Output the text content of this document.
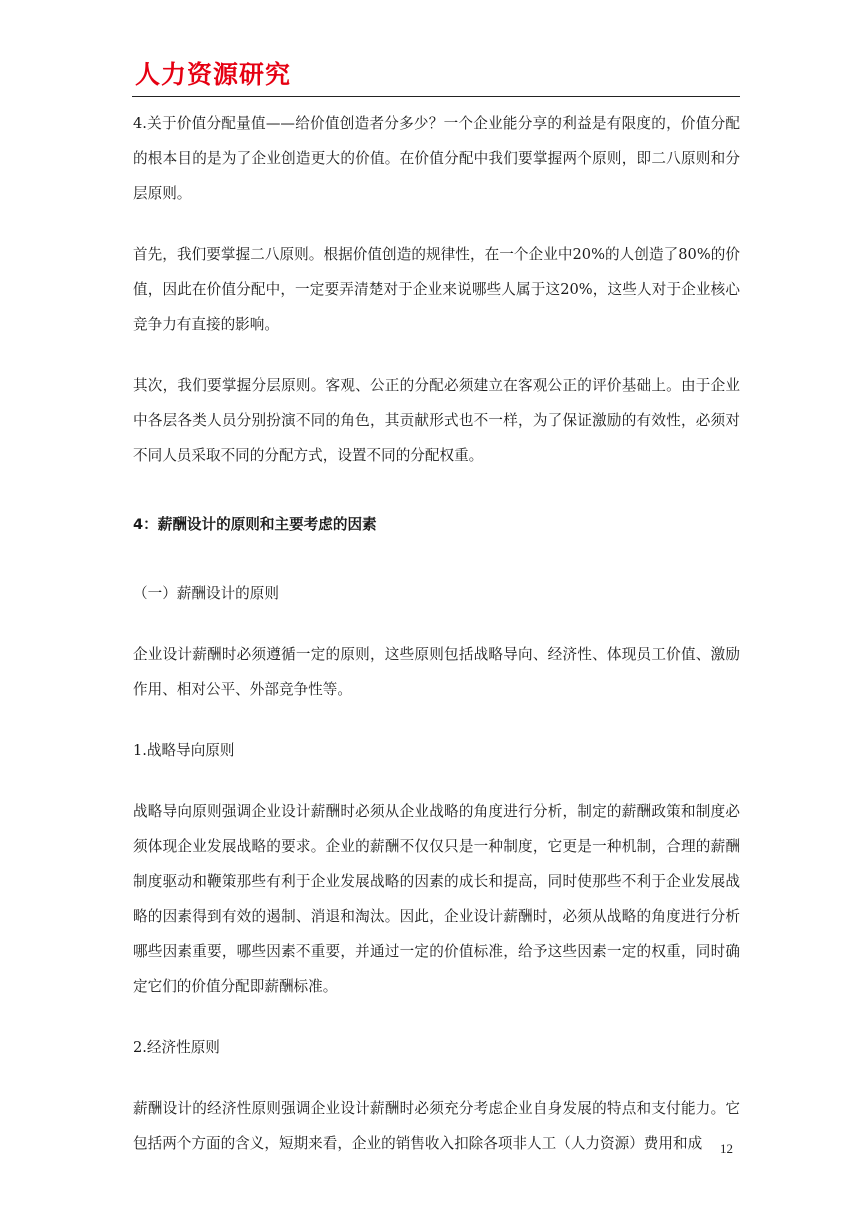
人力资源研究

4.关于价值分配量值——给价值创造者分多少？一个企业能分享的利益是有限度的，价值分配的根本目的是为了企业创造更大的价值。在价值分配中我们要掌握两个原则，即二八原则和分层原则。

首先，我们要掌握二八原则。根据价值创造的规律性，在一个企业中20%的人创造了80%的价值，因此在价值分配中，一定要弄清楚对于企业来说哪些人属于这20%，这些人对于企业核心竞争力有直接的影响。

其次，我们要掌握分层原则。客观、公正的分配必须建立在客观公正的评价基础上。由于企业中各层各类人员分别扮演不同的角色，其贡献形式也不一样，为了保证激励的有效性，必须对不同人员采取不同的分配方式，设置不同的分配权重。

4：薪酬设计的原则和主要考虑的因素

（一）薪酬设计的原则

企业设计薪酬时必须遵循一定的原则，这些原则包括战略导向、经济性、体现员工价值、激励作用、相对公平、外部竞争性等。

1.战略导向原则

战略导向原则强调企业设计薪酬时必须从企业战略的角度进行分析，制定的薪酬政策和制度必须体现企业发展战略的要求。企业的薪酬不仅仅只是一种制度，它更是一种机制，合理的薪酬制度驱动和鞭策那些有利于企业发展战略的因素的成长和提高，同时使那些不利于企业发展战略的因素得到有效的遏制、消退和淘汰。因此，企业设计薪酬时，必须从战略的角度进行分析哪些因素重要，哪些因素不重要，并通过一定的价值标准，给予这些因素一定的权重，同时确定它们的价值分配即薪酬标准。

2.经济性原则

薪酬设计的经济性原则强调企业设计薪酬时必须充分考虑企业自身发展的特点和支付能力。它包括两个方面的含义，短期来看，企业的销售收入扣除各项非人工（人力资源）费用和成	12
